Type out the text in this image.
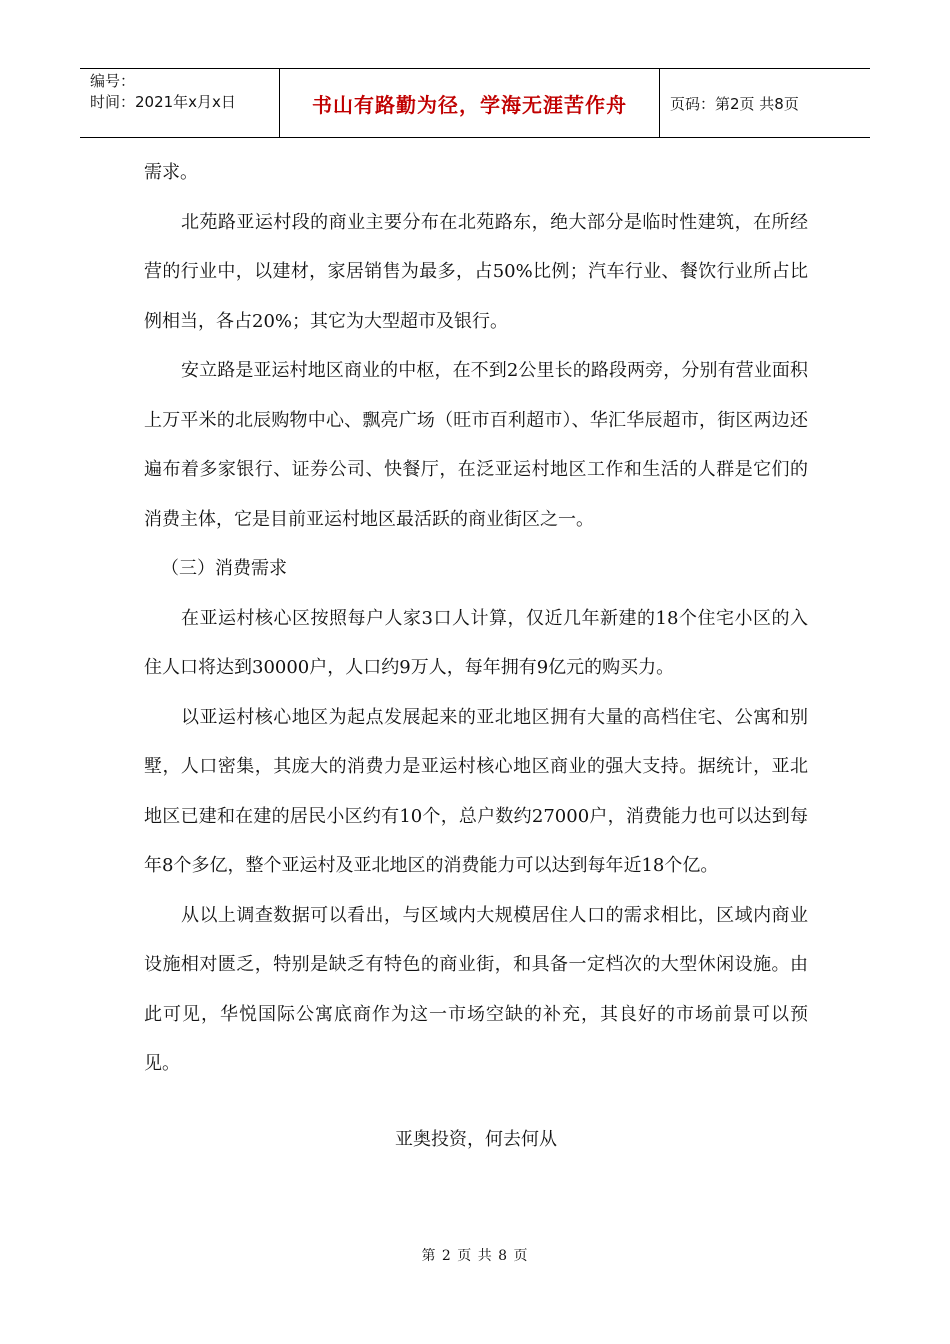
编号：
时间：2021年x月x日	书山有路勤为径，学海无涯苦作舟	页码：第2页 共8页

需求。

北苑路亚运村段的商业主要分布在北苑路东，绝大部分是临时性建筑，在所经营的行业中，以建材，家居销售为最多，占50%比例；汽车行业、餐饮行业所占比例相当，各占20%；其它为大型超市及银行。

安立路是亚运村地区商业的中枢，在不到2公里长的路段两旁，分别有营业面积上万平米的北辰购物中心、飘亮广场（旺市百利超市）、华汇华辰超市，街区两边还遍布着多家银行、证券公司、快餐厅，在泛亚运村地区工作和生活的人群是它们的消费主体，它是目前亚运村地区最活跃的商业街区之一。

（三）消费需求

在亚运村核心区按照每户人家3口人计算，仅近几年新建的18个住宅小区的入住人口将达到30000户，人口约9万人，每年拥有9亿元的购买力。

以亚运村核心地区为起点发展起来的亚北地区拥有大量的高档住宅、公寓和别墅，人口密集，其庞大的消费力是亚运村核心地区商业的强大支持。据统计，亚北地区已建和在建的居民小区约有10个，总户数约27000户，消费能力也可以达到每年8个多亿，整个亚运村及亚北地区的消费能力可以达到每年近18个亿。

从以上调查数据可以看出，与区域内大规模居住人口的需求相比，区域内商业设施相对匮乏，特别是缺乏有特色的商业街，和具备一定档次的大型休闲设施。由此可见，华悦国际公寓底商作为这一市场空缺的补充，其良好的市场前景可以预见。

亚奥投资，何去何从

第 2 页 共 8 页
